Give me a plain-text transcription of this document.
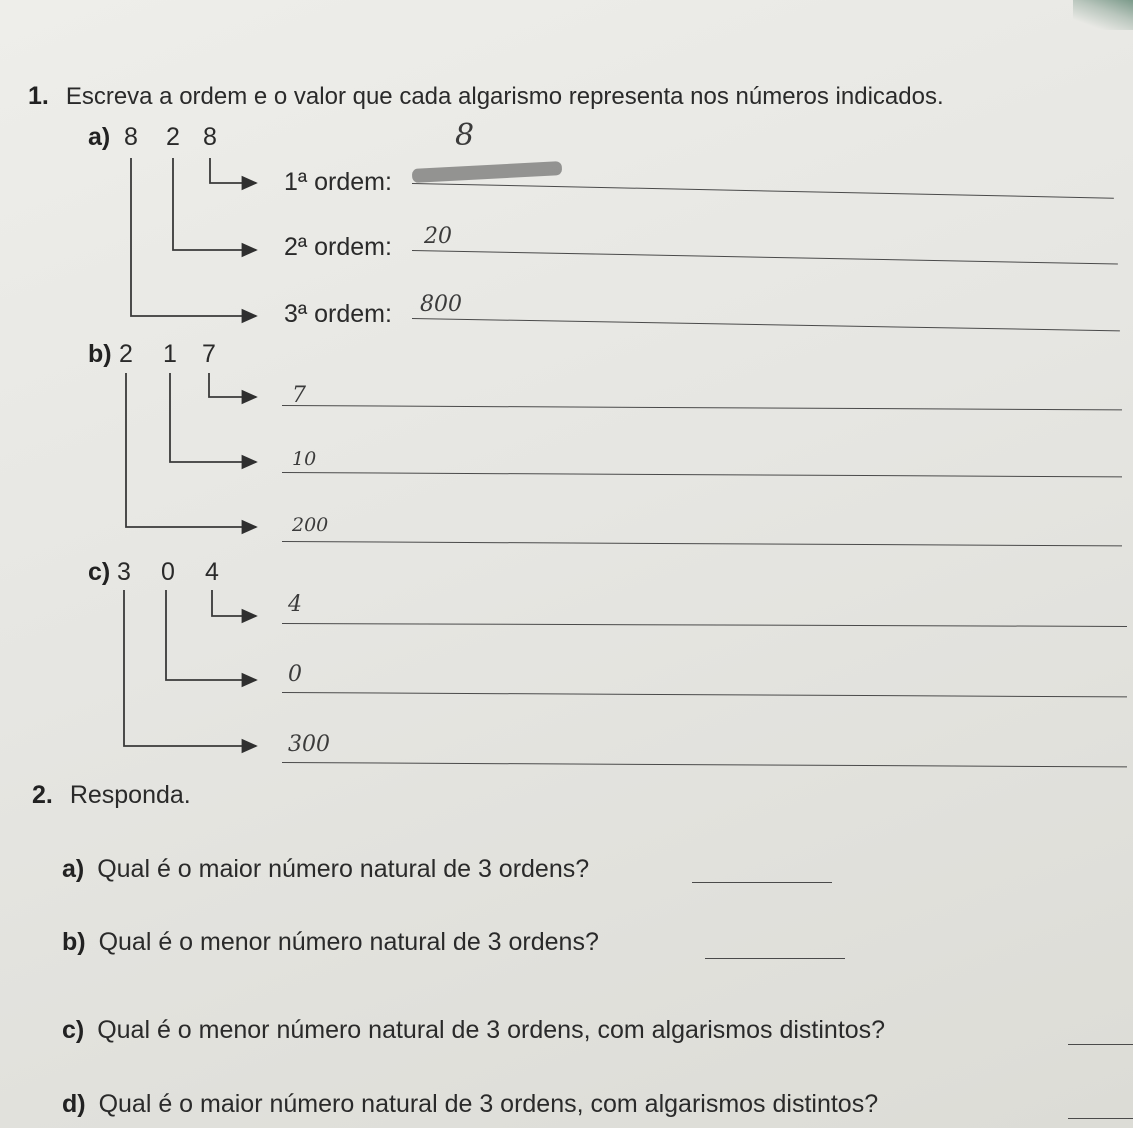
1. Escreva a ordem e o valor que cada algarismo representa nos números indicados.
a) 8 2 8
1ª ordem:
2ª ordem:
3ª ordem:
8
20
800
b) 2 1 7
7
10
200
c) 3 0 4
4
0
300
2. Responda.
a) Qual é o maior número natural de 3 ordens?
b) Qual é o menor número natural de 3 ordens?
c) Qual é o menor número natural de 3 ordens, com algarismos distintos?
d) Qual é o maior número natural de 3 ordens, com algarismos distintos?
